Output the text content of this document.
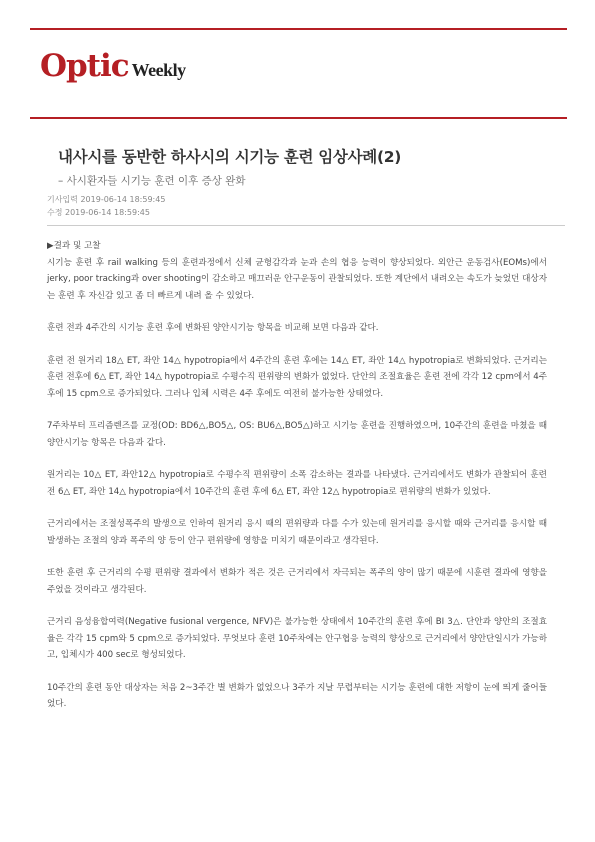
Optic Weekly
내사시를 동반한 하사시의 시기능 훈련 임상사례(2)
– 사시환자들 시기능 훈련 이후 증상 완화
기사입력 2019-06-14 18:59:45
수정 2019-06-14 18:59:45

▶결과 및 고찰

시기능 훈련 후 rail walking 등의 훈련과정에서 신체 균형감각과 눈과 손의 협응 능력이 향상되었다. 외안근 운동검사(EOMs)에서 jerky, poor tracking과 over shooting이 감소하고 매끄러운 안구운동이 관찰되었다. 또한 계단에서 내려오는 속도가 늦었던 대상자는 훈련 후 자신감 있고 좀 더 빠르게 내려 올 수 있었다.

훈련 전과 4주간의 시기능 훈련 후에 변화된 양안시기능 항목을 비교해 보면 다음과 같다.

훈련 전 원거리 18△ ET, 좌안 14△ hypotropia에서 4주간의 훈련 후에는 14△ ET, 좌안 14△ hypotropia로 변화되었다. 근거리는 훈련 전후에 6△ ET, 좌안 14△ hypotropia로 수평수직 편위량의 변화가 없었다. 단안의 조절효율은 훈련 전에 각각 12 cpm에서 4주 후에 15 cpm으로 증가되었다. 그러나 입체 시력은 4주 후에도 여전히 불가능한 상태였다.

7주차부터 프리즘렌즈를 교정(OD: BD6△,BO5△, OS: BU6△,BO5△)하고 시기능 훈련을 진행하였으며, 10주간의 훈련을 마쳤을 때 양안시기능 항목은 다음과 같다.

원거리는 10△ ET, 좌안12△ hypotropia로 수평수직 편위량이 소폭 감소하는 결과를 나타냈다. 근거리에서도 변화가 관찰되어 훈련 전 6△ ET, 좌안 14△ hypotropia에서 10주간의 훈련 후에 6△ ET, 좌안 12△ hypotropia로 편위량의 변화가 있었다.

근거리에서는 조절성폭주의 발생으로 인하여 원거리 응시 때의 편위량과 다를 수가 있는데 원거리를 응시할 때와 근거리를 응시할 때 발생하는 조절의 양과 폭주의 양 등이 안구 편위량에 영향을 미치기 때문이라고 생각된다.

또한 훈련 후 근거리의 수평 편위량 결과에서 변화가 적은 것은 근거리에서 자극되는 폭주의 양이 많기 때문에 시훈련 결과에 영향을 주었을 것이라고 생각된다.

근거리 음성융합여력(Negative fusional vergence, NFV)은 불가능한 상태에서 10주간의 훈련 후에 BI 3△. 단안과 양안의 조절효율은 각각 15 cpm와 5 cpm으로 증가되었다. 무엇보다 훈련 10주차에는 안구협응 능력의 향상으로 근거리에서 양안단일시가 가능하고, 입체시가 400 sec로 형성되었다.

10주간의 훈련 동안 대상자는 처음 2~3주간 별 변화가 없었으나 3주가 지날 무렵부터는 시기능 훈련에 대한 저항이 눈에 띄게 줄어들었다.
